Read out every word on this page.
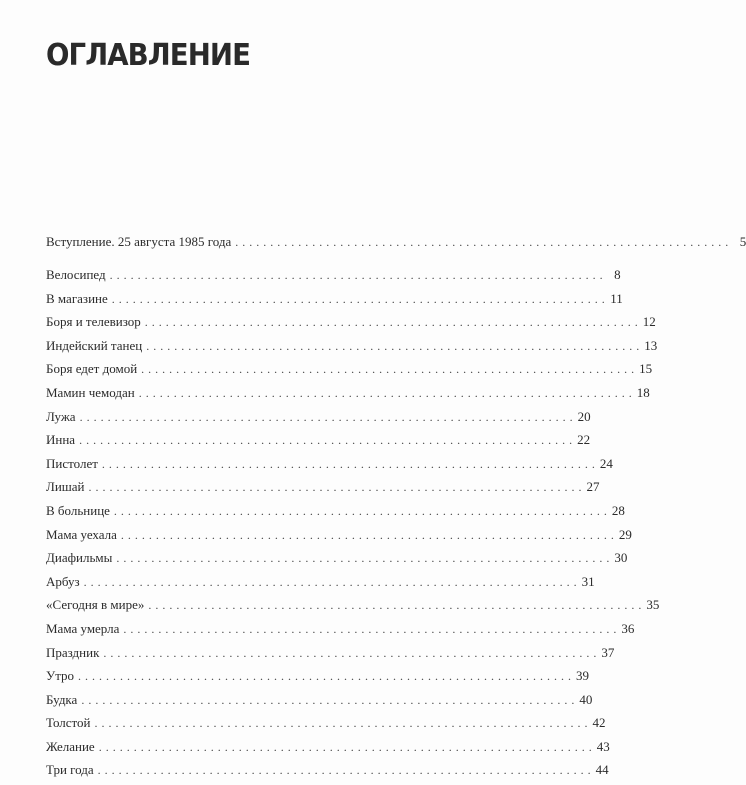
ОГЛАВЛЕНИЕ
Вступление. 25 августа 1985 года . . .	5
Велосипед . . .	8
В магазине . . .	11
Боря и телевизор . . .	12
Индейский танец . . .	13
Боря едет домой . . .	15
Мамин чемодан . . .	18
Лужа . . .	20
Инна . . .	22
Пистолет . . .	24
Лишай . . .	27
В больнице . . .	28
Мама уехала . . .	29
Диафильмы . . .	30
Арбуз . . .	31
«Сегодня в мире» . . .	35
Мама умерла . . .	36
Праздник . . .	37
Утро . . .	39
Будка . . .	40
Толстой . . .	42
Желание . . .	43
Три года . . .	44
